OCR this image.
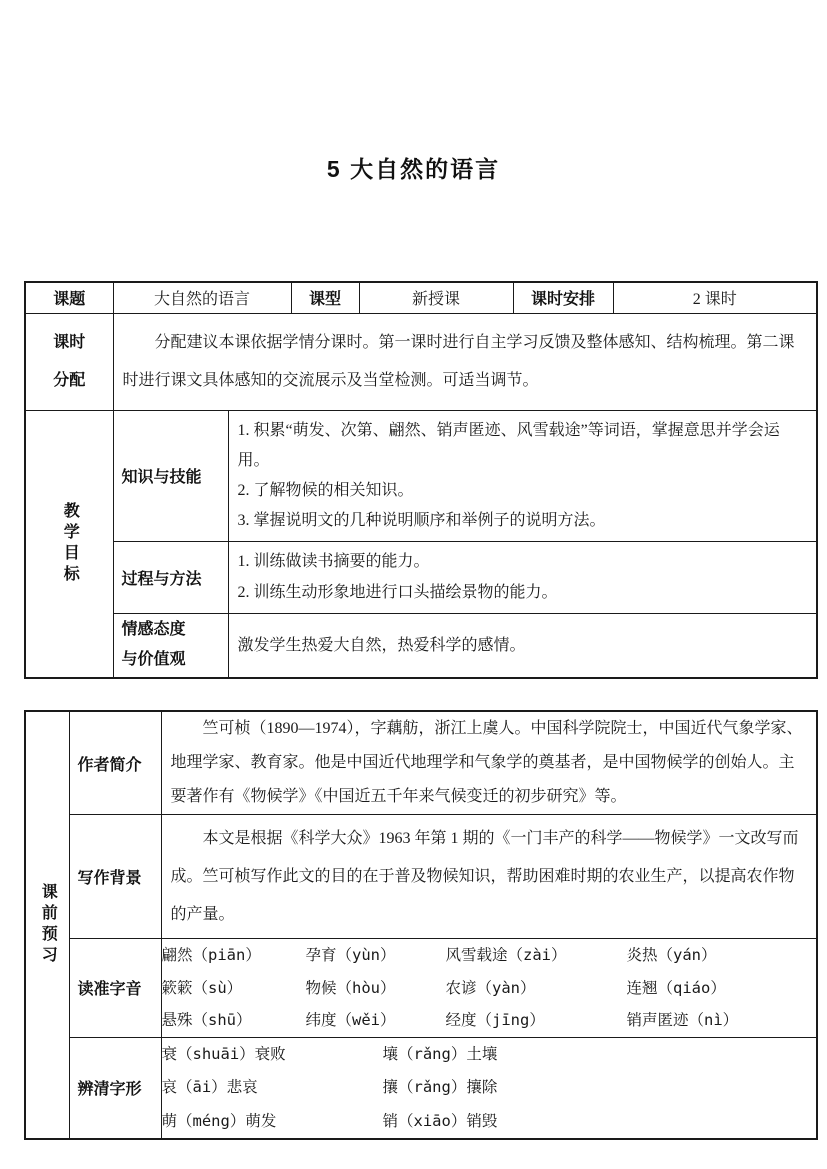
5 大自然的语言
课题	大自然的语言		课型	新授课	课时安排	2 课时

课时
分配	分配建议本课依据学情分课时。第一课时进行自主学习反馈及整体感知、结构梳理。第二课时进行课文具体感知的交流展示及当堂检测。可适当调节。					

教学目标	知识与技能	1. 积累“萌发、次第、翩然、销声匿迹、风雪载途”等词语，掌握意思并学会运用。
2. 了解物候的相关知识。
3. 掌握说明文的几种说明顺序和举例子的说明方法。				

	过程与方法	1. 训练做读书摘要的能力。
2. 训练生动形象地进行口头描绘景物的能力。				

	情感态度
与价值观	激发学生热爱大自然，热爱科学的感情。				
课前预习	作者简介	竺可桢（1890—1974），字藕舫，浙江上虞人。中国科学院院士，中国近代气象学家、地理学家、教育家。他是中国近代地理学和气象学的奠基者，是中国物候学的创始人。主要著作有《物候学》《中国近五千年来气候变迁的初步研究》等。

	写作背景	本文是根据《科学大众》1963 年第 1 期的《一门丰产的科学——物候学》一文改写而成。竺可桢写作此文的目的在于普及物候知识，帮助困难时期的农业生产，以提高农作物的产量。

读准字音	
翩然（piān）	孕育（yùn）	风雪载途（zài）	炎热（yán）
簌簌（sù）	物候（hòu）	农谚（yàn）	连翘（qiáo）
悬殊（shū）	纬度（wěi）	经度（jīng）	销声匿迹（nì）

辨清字形	
衰（shuāi）衰败	壤（rǎng）土壤
哀（āi）悲哀	攘（rǎng）攘除
萌（méng）萌发	销（xiāo）销毁
